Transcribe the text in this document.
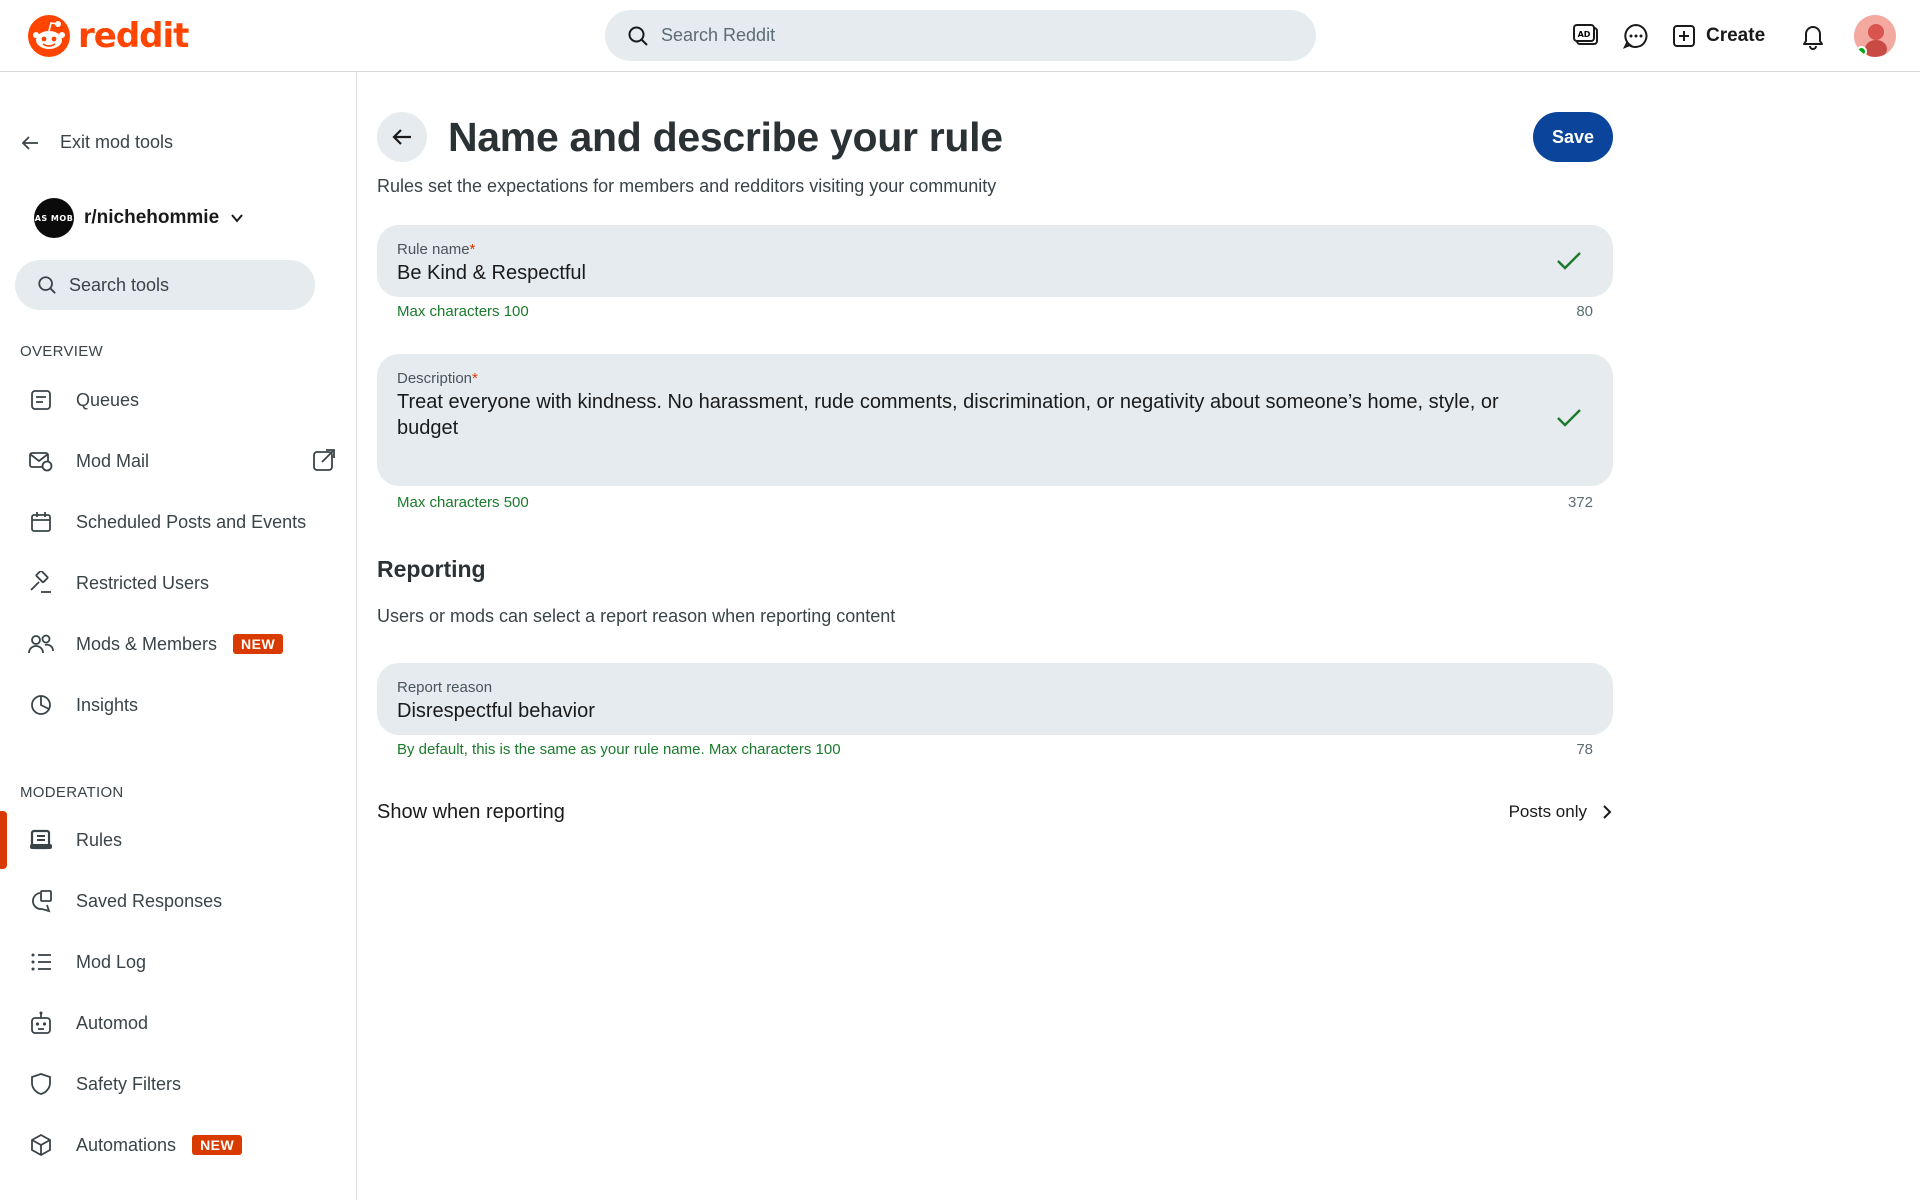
reddit
Search Reddit	AD	Create
Exit mod tools
AS MOB r/nichehommie
Search tools
OVERVIEW
Queues
Mod Mail
Scheduled Posts and Events
Restricted Users
Mods & Members	NEW
Insights
MODERATION
Rules
Saved Responses
Mod Log
Automod
Safety Filters
Automations	NEW
Name and describe your rule	Save

Rules set the expectations for members and redditors visiting your community

Rule name*
Be Kind & Respectful
Max characters 100	80
Description*
Treat everyone with kindness. No harassment, rude comments, discrimination, or negativity about someone’s home, style, or budget
Max characters 500	372
Reporting

Users or mods can select a report reason when reporting content

Report reason
Disrespectful behavior
By default, this is the same as your rule name. Max characters 100	78
Show when reporting	Posts only
